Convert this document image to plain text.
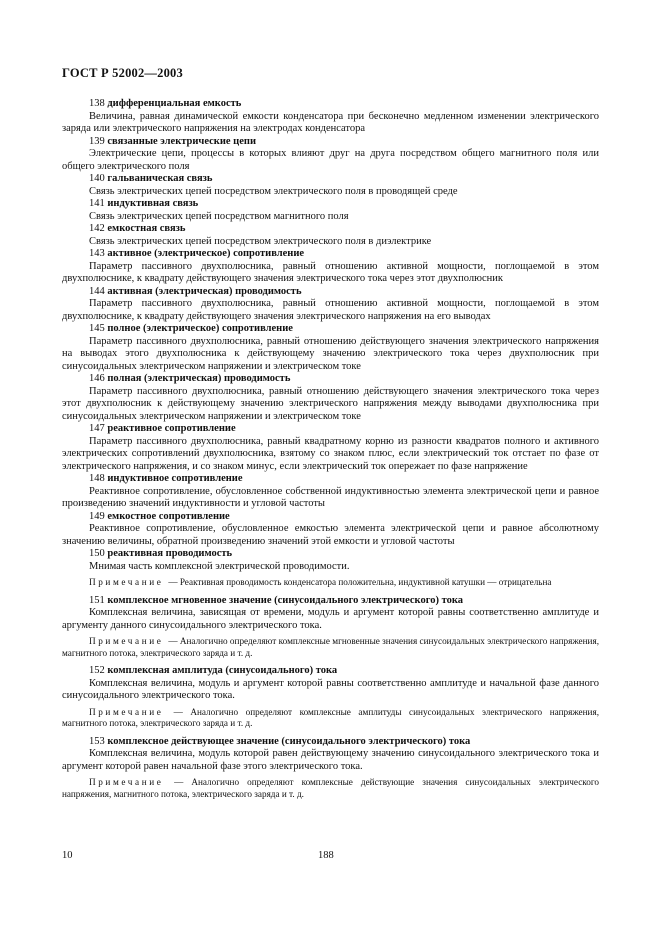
ГОСТ Р 52002—2003
138 дифференциальная емкость
Величина, равная динамической емкости конденсатора при бесконечно медленном изменении электрического заряда или электрического напряжения на электродах конденсатора
139 связанные электрические цепи
Электрические цепи, процессы в которых влияют друг на друга посредством общего магнитного поля или общего электрического поля
140 гальваническая связь
Связь электрических цепей посредством электрического поля в проводящей среде
141 индуктивная связь
Связь электрических цепей посредством магнитного поля
142 емкостная связь
Связь электрических цепей посредством электрического поля в диэлектрике
143 активное (электрическое) сопротивление
Параметр пассивного двухполюсника, равный отношению активной мощности, поглощаемой в этом двухполюснике, к квадрату действующего значения электрического тока через этот двухполюсник
144 активная (электрическая) проводимость
Параметр пассивного двухполюсника, равный отношению активной мощности, поглощаемой в этом двухполюснике, к квадрату действующего значения электрического напряжения на его выводах
145 полное (электрическое) сопротивление
Параметр пассивного двухполюсника, равный отношению действующего значения электрического напряжения на выводах этого двухполюсника к действующему значению электрического тока через двухполюсник при синусоидальных электрическом напряжении и электрическом токе
146 полная (электрическая) проводимость
Параметр пассивного двухполюсника, равный отношению действующего значения электрического тока через этот двухполюсник к действующему значению электрического напряжения между выводами двухполюсника при синусоидальных электрическом напряжении и электрическом токе
147 реактивное сопротивление
Параметр пассивного двухполюсника, равный квадратному корню из разности квадратов полного и активного электрических сопротивлений двухполюсника, взятому со знаком плюс, если электрический ток отстает по фазе от электрического напряжения, и со знаком минус, если электрический ток опережает по фазе напряжение
148 индуктивное сопротивление
Реактивное сопротивление, обусловленное собственной индуктивностью элемента электрической цепи и равное произведению значений индуктивности и угловой частоты
149 емкостное сопротивление
Реактивное сопротивление, обусловленное емкостью элемента электрической цепи и равное абсолютному значению величины, обратной произведению значений этой емкости и угловой частоты
150 реактивная проводимость
Мнимая часть комплексной электрической проводимости.
Примечание — Реактивная проводимость конденсатора положительна, индуктивной катушки — отрицательна
151 комплексное мгновенное значение (синусоидального электрического) тока
Комплексная величина, зависящая от времени, модуль и аргумент которой равны соответственно амплитуде и аргументу данного синусоидального электрического тока.
Примечание — Аналогично определяют комплексные мгновенные значения синусоидальных электрического напряжения, магнитного потока, электрического заряда и т. д.
152 комплексная амплитуда (синусоидального) тока
Комплексная величина, модуль и аргумент которой равны соответственно амплитуде и начальной фазе данного синусоидального электрического тока.
Примечание — Аналогично определяют комплексные амплитуды синусоидальных электрического напряжения, магнитного потока, электрического заряда и т. д.
153 комплексное действующее значение (синусоидального электрического) тока
Комплексная величина, модуль которой равен действующему значению синусоидального электрического тока и аргумент которой равен начальной фазе этого электрического тока.
Примечание — Аналогично определяют комплексные действующие значения синусоидальных электрического напряжения, магнитного потока, электрического заряда и т. д.
10	188
